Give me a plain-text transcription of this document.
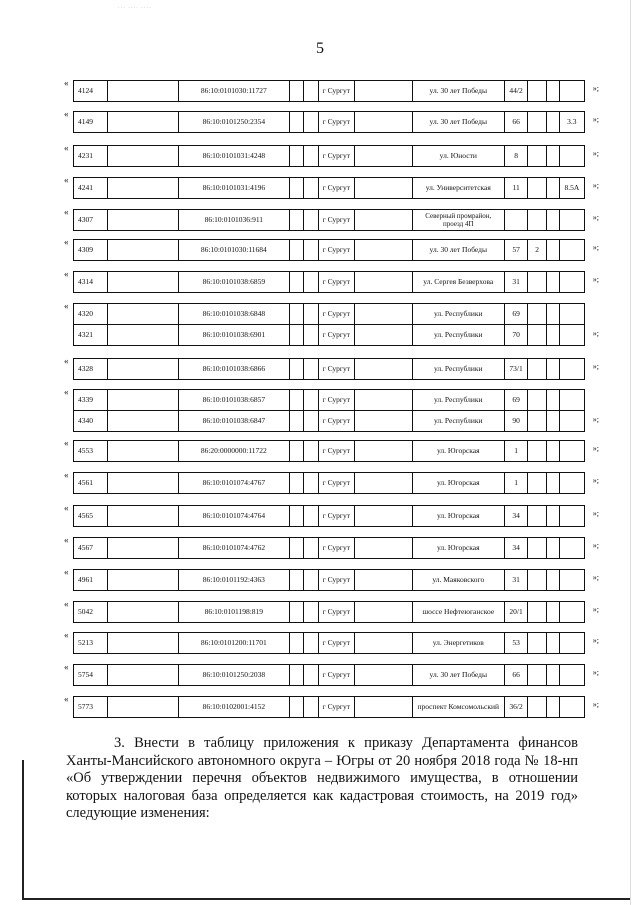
··· ···· ····
5
«
»;
4124		86:10:0101030:11727			г Сургут		ул. 30 лет Победы	44/2			
«
»;
4149		86:10:0101250:2354			г Сургут		ул. 30 лет Победы	66			3.3
«
»;
4231		86:10:0101031:4248			г Сургут		ул. Юности	8			
«
»;
4241		86:10:0101031:4196			г Сургут		ул. Университетская	11			8.5А
«
»;
4307		86:10:0101036:911			г Сургут		Северный промрайон, проезд 4П				
«
»;
4309		86:10:0101030:11684			г Сургут		ул. 30 лет Победы	57	2		
«
»;
4314		86:10:0101038:6859			г Сургут		ул. Сергея Безверхова	31			
«
»;
4320		86:10:0101038:6848			г Сургут		ул. Республики	69			
4321		86:10:0101038:6901			г Сургут		ул. Республики	70			
«
»;
4328		86:10:0101038:6866			г Сургут		ул. Республики	73/1			
«
»;
4339		86:10:0101038:6857			г Сургут		ул. Республики	69			
4340		86:10:0101038:6847			г Сургут		ул. Республики	90			
«
»;
4553		86:20:0000000:11722			г Сургут		ул. Югорская	1			
«
»;
4561		86:10:0101074:4767			г Сургут		ул. Югорская	1			
«
»;
4565		86:10:0101074:4764			г Сургут		ул. Югорская	34			
«
»;
4567		86:10:0101074:4762			г Сургут		ул. Югорская	34			
«
»;
4961		86:10:0101192:4363			г Сургут		ул. Маяковского	31			
«
»;
5042		86:10:0101198:819			г Сургут		шоссе Нефтеюганское	20/1			
«
»;
5213		86:10:0101200:11701			г Сургут		ул. Энергетиков	53			
«
»;
5754		86:10:0101250:2038			г Сургут		ул. 30 лет Победы	66			
«
»;
5773		86:10:0102001:4152			г Сургут		проспект Комсомольский	36/2			
3. Внести в таблицу приложения к приказу Департамента финансов Ханты-Мансийского автономного округа – Югры от 20 ноября 2018 года № 18-нп «Об утверждении перечня объектов недвижимого имущества, в отношении которых налоговая база определяется как кадастровая стоимость, на 2019 год» следующие изменения:
